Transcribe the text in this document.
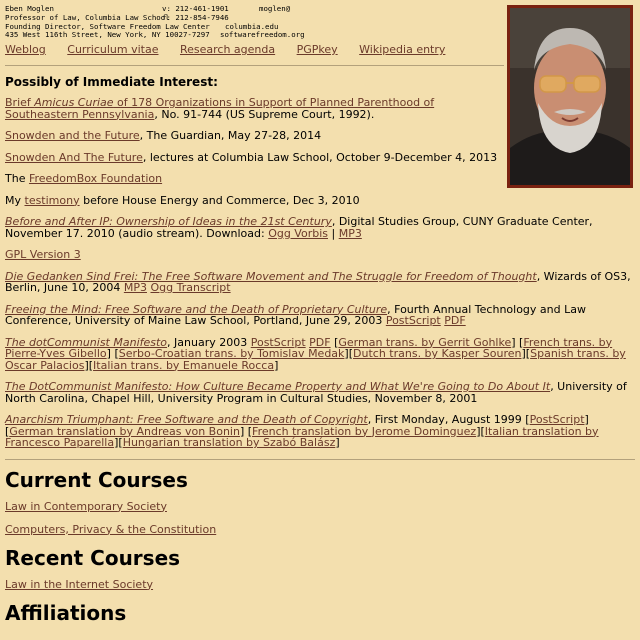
Eben Moglen	v: 212-461-1901	moglen@
Professor of Law, Columbia Law School
f: 212-854-7946
Founding Director, Software Freedom Law Center	columbia.edu
435 West 116th Street, New York, NY 10027-7297	softwarefreedom.org
Weblog Curriculum vitae Research agenda PGPkey Wikipedia entry
Possibly of Immediate Interest:
Brief Amicus Curiae of 178 Organizations in Support of Planned Parenthood of Southeastern Pennsylvania, No. 91-744 (US Supreme Court, 1992).
Snowden and the Future, The Guardian, May 27-28, 2014
Snowden And The Future, lectures at Columbia Law School, October 9-December 4, 2013
The FreedomBox Foundation
My testimony before House Energy and Commerce, Dec 3, 2010
Before and After IP: Ownership of Ideas in the 21st Century, Digital Studies Group, CUNY Graduate Center, November 17. 2010 (audio stream). Download: Ogg Vorbis | MP3
GPL Version 3
Die Gedanken Sind Frei: The Free Software Movement and The Struggle for Freedom of Thought, Wizards of OS3, Berlin, June 10, 2004 MP3 Ogg Transcript
Freeing the Mind: Free Software and the Death of Proprietary Culture, Fourth Annual Technology and Law Conference, University of Maine Law School, Portland, June 29, 2003 PostScript PDF
The dotCommunist Manifesto, January 2003 PostScript PDF [German trans. by Gerrit Gohlke] [French trans. by Pierre-Yves Gibello] [Serbo-Croatian trans. by Tomislav Medak][Dutch trans. by Kasper Souren][Spanish trans. by Oscar Palacios][Italian trans. by Emanuele Rocca]
The DotCommunist Manifesto: How Culture Became Property and What We're Going to Do About It, University of North Carolina, Chapel Hill, University Program in Cultural Studies, November 8, 2001
Anarchism Triumphant: Free Software and the Death of Copyright, First Monday, August 1999 [PostScript] [German translation by Andreas von Bonin] [French translation by Jerome Dominguez][Italian translation by Francesco Paparella][Hungarian translation by Szabó Balász]
Current Courses
Law in Contemporary Society
Computers, Privacy & the Constitution
Recent Courses
Law in the Internet Society
Affiliations
